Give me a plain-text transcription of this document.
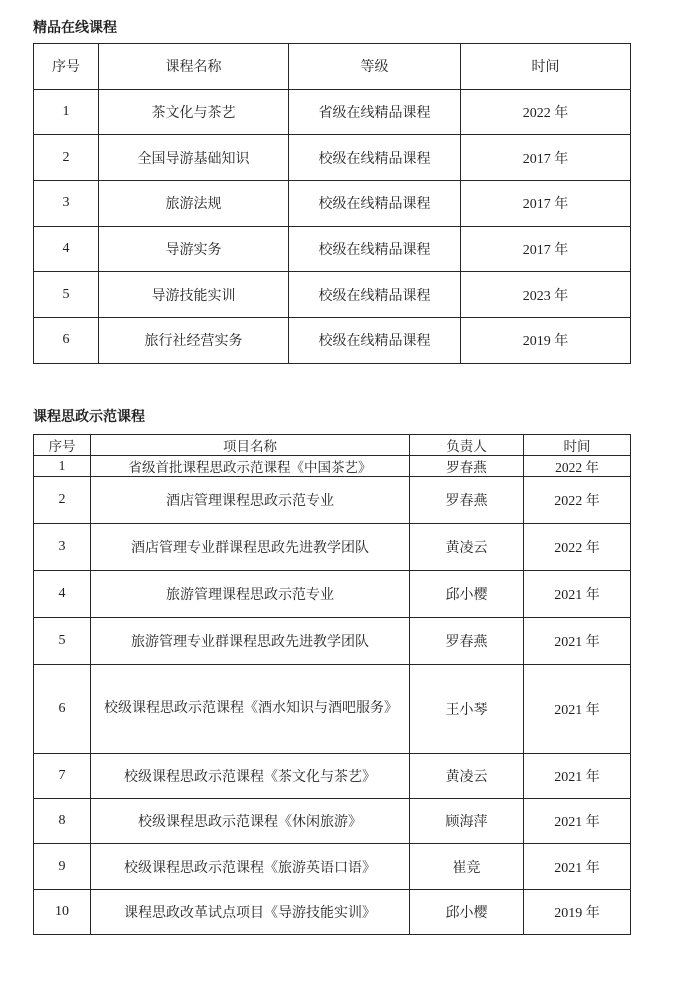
精品在线课程
序号	课程名称	等级	时间
1	茶文化与茶艺	省级在线精品课程	2022 年
2	全国导游基础知识	校级在线精品课程	2017 年
3	旅游法规	校级在线精品课程	2017 年
4	导游实务	校级在线精品课程	2017 年
5	导游技能实训	校级在线精品课程	2023 年
6	旅行社经营实务	校级在线精品课程	2019 年
课程思政示范课程
序号	项目名称	负责人	时间
1	省级首批课程思政示范课程《中国茶艺》	罗春燕	2022 年
2	酒店管理课程思政示范专业	罗春燕	2022 年
3	酒店管理专业群课程思政先进教学团队	黄凌云	2022 年
4	旅游管理课程思政示范专业	邱小樱	2021 年
5	旅游管理专业群课程思政先进教学团队	罗春燕	2021 年
6	校级课程思政示范课程《酒水知识与酒吧服务》	王小琴	2021 年
7	校级课程思政示范课程《茶文化与茶艺》	黄凌云	2021 年
8	校级课程思政示范课程《休闲旅游》	顾海萍	2021 年
9	校级课程思政示范课程《旅游英语口语》	崔竞	2021 年
10	课程思政改革试点项目《导游技能实训》	邱小樱	2019 年
